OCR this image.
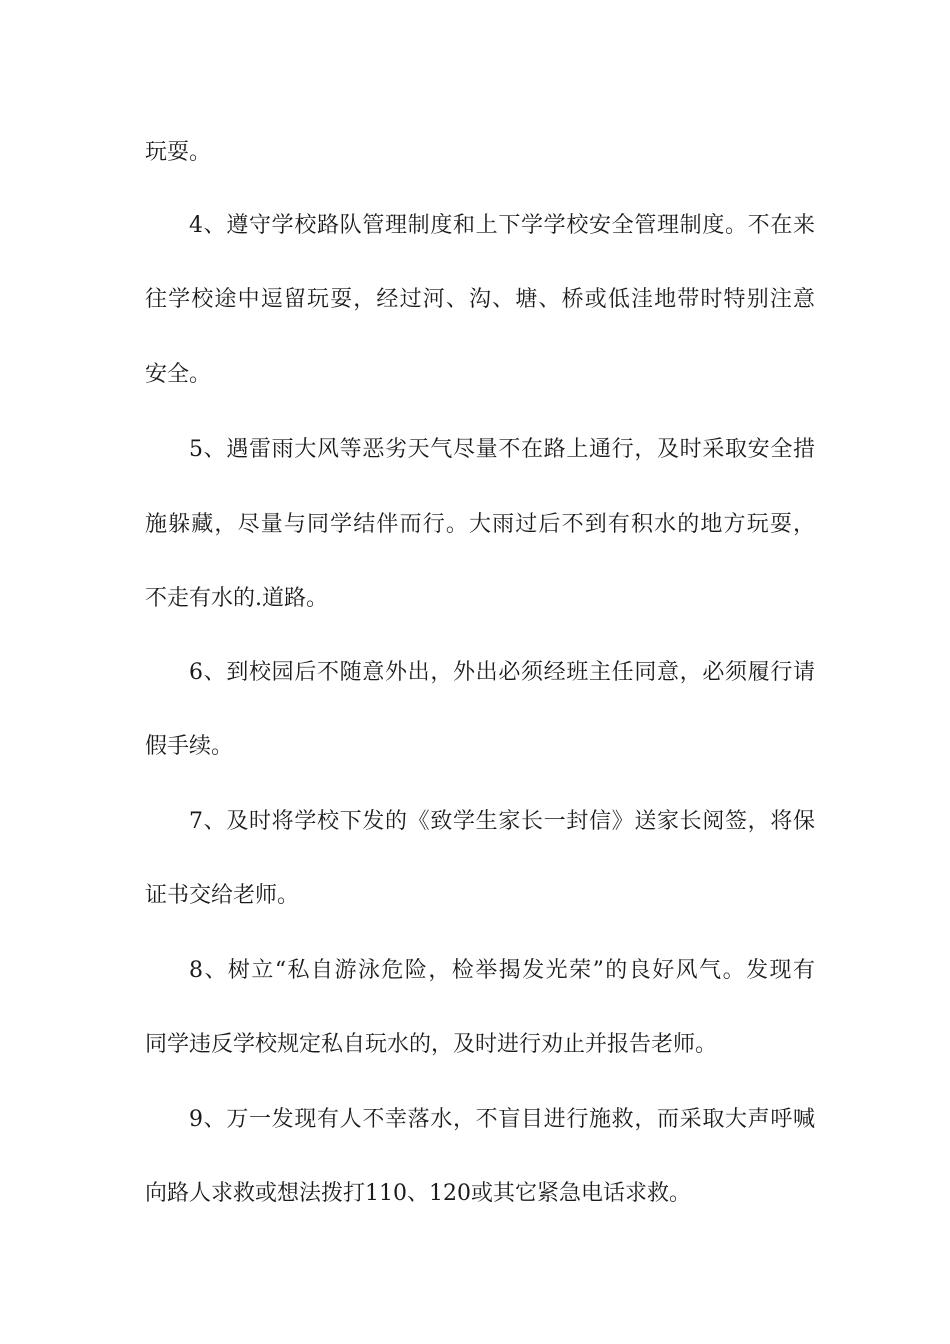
玩耍。
4、遵守学校路队管理制度和上下学学校安全管理制度。不在来
往学校途中逗留玩耍，经过河、沟、塘、桥或低洼地带时特别注意
安全。
5、遇雷雨大风等恶劣天气尽量不在路上通行，及时采取安全措
施躲藏，尽量与同学结伴而行。大雨过后不到有积水的地方玩耍，
不走有水的.道路。
6、到校园后不随意外出，外出必须经班主任同意，必须履行请
假手续。
7、及时将学校下发的《致学生家长一封信》送家长阅签，将保
证书交给老师。
8、树立“私自游泳危险，检举揭发光荣”的良好风气。发现有
同学违反学校规定私自玩水的，及时进行劝止并报告老师。
9、万一发现有人不幸落水，不盲目进行施救，而采取大声呼喊
向路人求救或想法拨打110、120或其它紧急电话求救。
